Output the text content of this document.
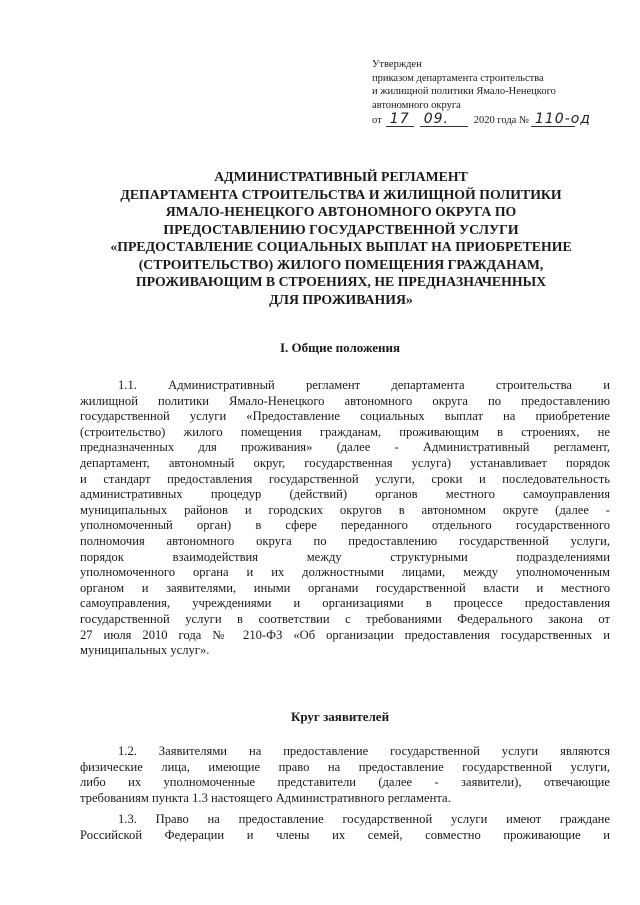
Утвержден
приказом департамента строительства
и жилищной политики Ямало-Ненецкого
автономного округа
от 17 09.	2020 года № 110-од
АДМИНИСТРАТИВНЫЙ РЕГЛАМЕНТ
ДЕПАРТАМЕНТА СТРОИТЕЛЬСТВА И ЖИЛИЩНОЙ ПОЛИТИКИ
ЯМАЛО-НЕНЕЦКОГО АВТОНОМНОГО ОКРУГА ПО
ПРЕДОСТАВЛЕНИЮ ГОСУДАРСТВЕННОЙ УСЛУГИ
«ПРЕДОСТАВЛЕНИЕ СОЦИАЛЬНЫХ ВЫПЛАТ НА ПРИОБРЕТЕНИЕ
(СТРОИТЕЛЬСТВО) ЖИЛОГО ПОМЕЩЕНИЯ ГРАЖДАНАМ,
ПРОЖИВАЮЩИМ В СТРОЕНИЯХ, НЕ ПРЕДНАЗНАЧЕННЫХ
ДЛЯ ПРОЖИВАНИЯ»
I. Общие положения
1.1. Административный регламент департамента строительства и
жилищной политики Ямало-Ненецкого автономного округа по предоставлению
государственной услуги «Предоставление социальных выплат на приобретение
(строительство) жилого помещения гражданам, проживающим в строениях, не
предназначенных для проживания» (далее - Административный регламент,
департамент, автономный округ, государственная услуга) устанавливает порядок
и стандарт предоставления государственной услуги, сроки и последовательность
административных процедур (действий) органов местного самоуправления
муниципальных районов и городских округов в автономном округе (далее -
уполномоченный орган) в сфере переданного отдельного государственного
полномочия автономного округа по предоставлению государственной услуги,
порядок взаимодействия между структурными подразделениями
уполномоченного органа и их должностными лицами, между уполномоченным
органом и заявителями, иными органами государственной власти и местного
самоуправления, учреждениями и организациями в процессе предоставления
государственной услуги в соответствии с требованиями Федерального закона от
27 июля 2010 года № 210-ФЗ «Об организации предоставления государственных и
муниципальных услуг».
Круг заявителей
1.2. Заявителями на предоставление государственной услуги являются
физические лица, имеющие право на предоставление государственной услуги,
либо их уполномоченные представители (далее - заявители), отвечающие
требованиям пункта 1.3 настоящего Административного регламента.
1.3. Право на предоставление государственной услуги имеют граждане
Российской Федерации и члены их семей, совместно проживающие и
